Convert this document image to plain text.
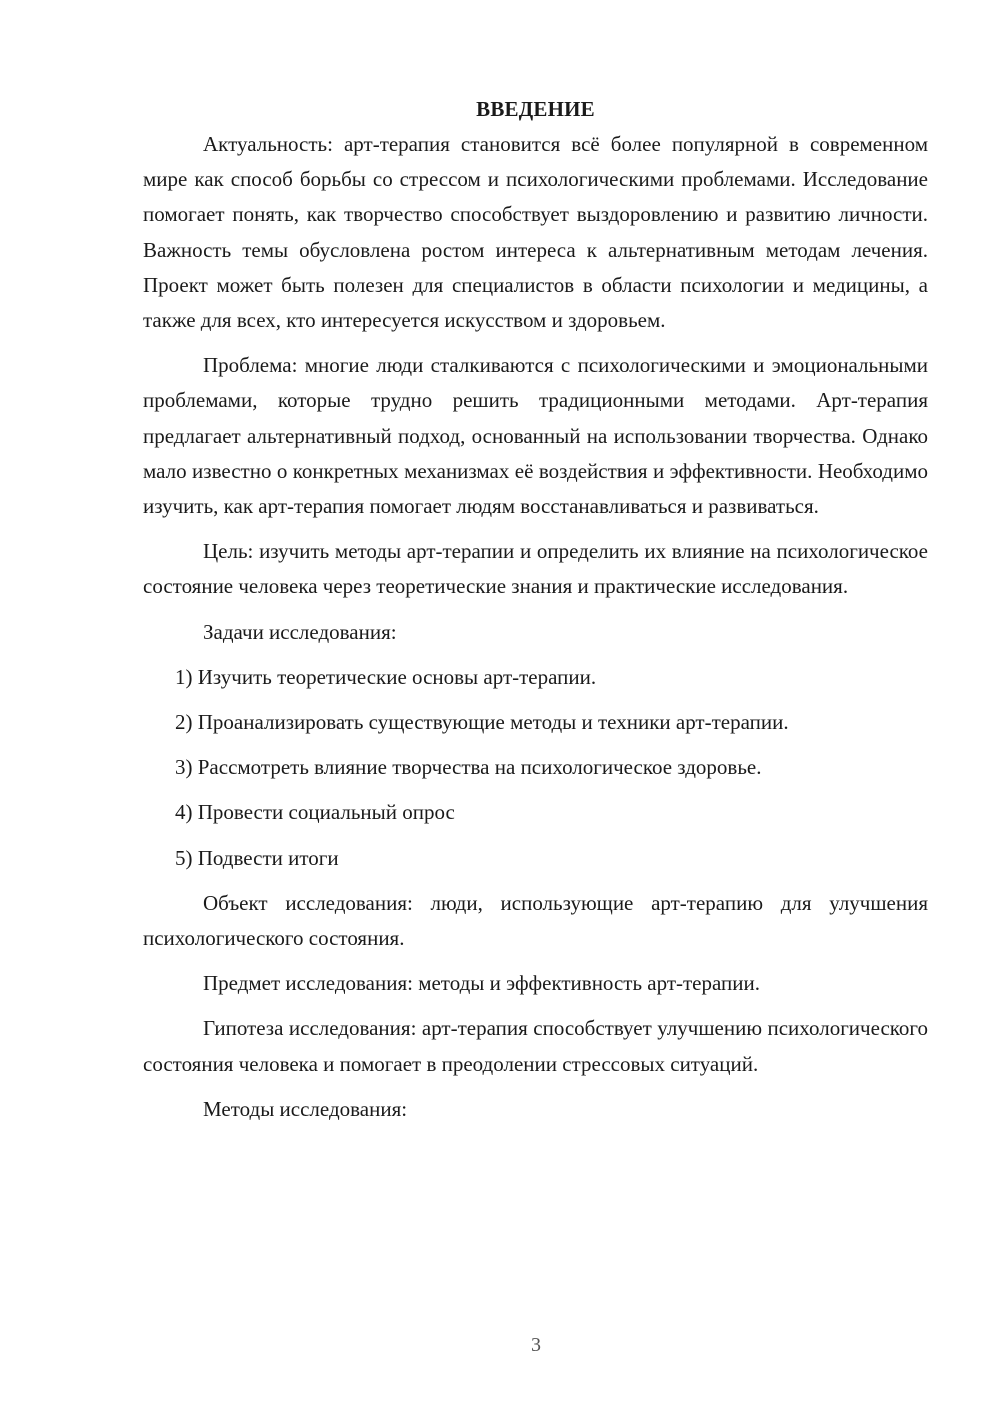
ВВЕДЕНИЕ

Актуальность: арт-терапия становится всё более популярной в современном мире как способ борьбы со стрессом и психологическими проблемами. Исследование помогает понять, как творчество способствует выздоровлению и развитию личности. Важность темы обусловлена ростом интереса к альтернативным методам лечения. Проект может быть полезен для специалистов в области психологии и медицины, а также для всех, кто интересуется искусством и здоровьем.

Проблема: многие люди сталкиваются с психологическими и эмоциональными проблемами, которые трудно решить традиционными методами. Арт-терапия предлагает альтернативный подход, основанный на использовании творчества. Однако мало известно о конкретных механизмах её воздействия и эффективности. Необходимо изучить, как арт-терапия помогает людям восстанавливаться и развиваться.

Цель: изучить методы арт-терапии и определить их влияние на психологическое состояние человека через теоретические знания и практические исследования.

Задачи исследования:

1) Изучить теоретические основы арт-терапии.
2) Проанализировать существующие методы и техники арт-терапии.
3) Рассмотреть влияние творчества на психологическое здоровье.
4) Провести социальный опрос
5) Подвести итоги

Объект исследования: люди, использующие арт-терапию для улучшения психологического состояния.

Предмет исследования: методы и эффективность арт-терапии.

Гипотеза исследования: арт-терапия способствует улучшению психологического состояния человека и помогает в преодолении стрессовых ситуаций.

Методы исследования:

3
